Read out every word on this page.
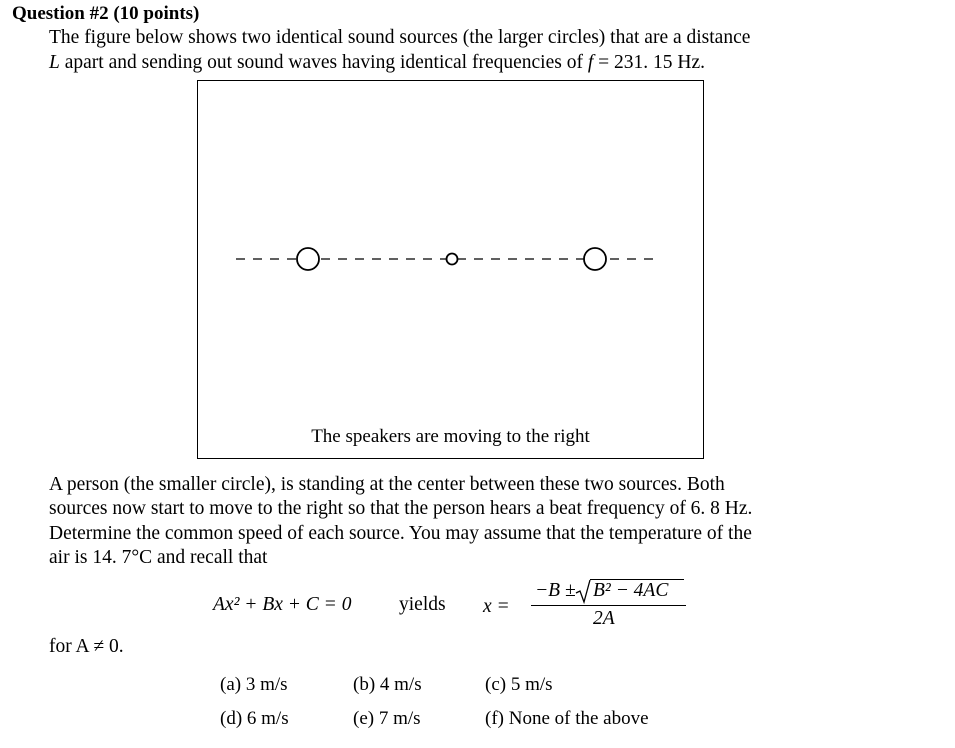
Question #2 (10 points)
The figure below shows two identical sound sources (the larger circles) that are a distance
L apart and sending out sound waves having identical frequencies of f = 231. 15 Hz.
The speakers are moving to the right
A person (the smaller circle), is standing at the center between these two sources. Both
sources now start to move to the right so that the person hears a beat frequency of 6. 8 Hz.
Determine the common speed of each source. You may assume that the temperature of the
air is 14. 7°C and recall that
Ax² + Bx + C = 0 yields x =
−B ± B² − 4AC
2A
for A ≠ 0.
(a) 3 m/s	(b) 4 m/s	(c) 5 m/s
(d) 6 m/s	(e) 7 m/s	(f) None of the above
